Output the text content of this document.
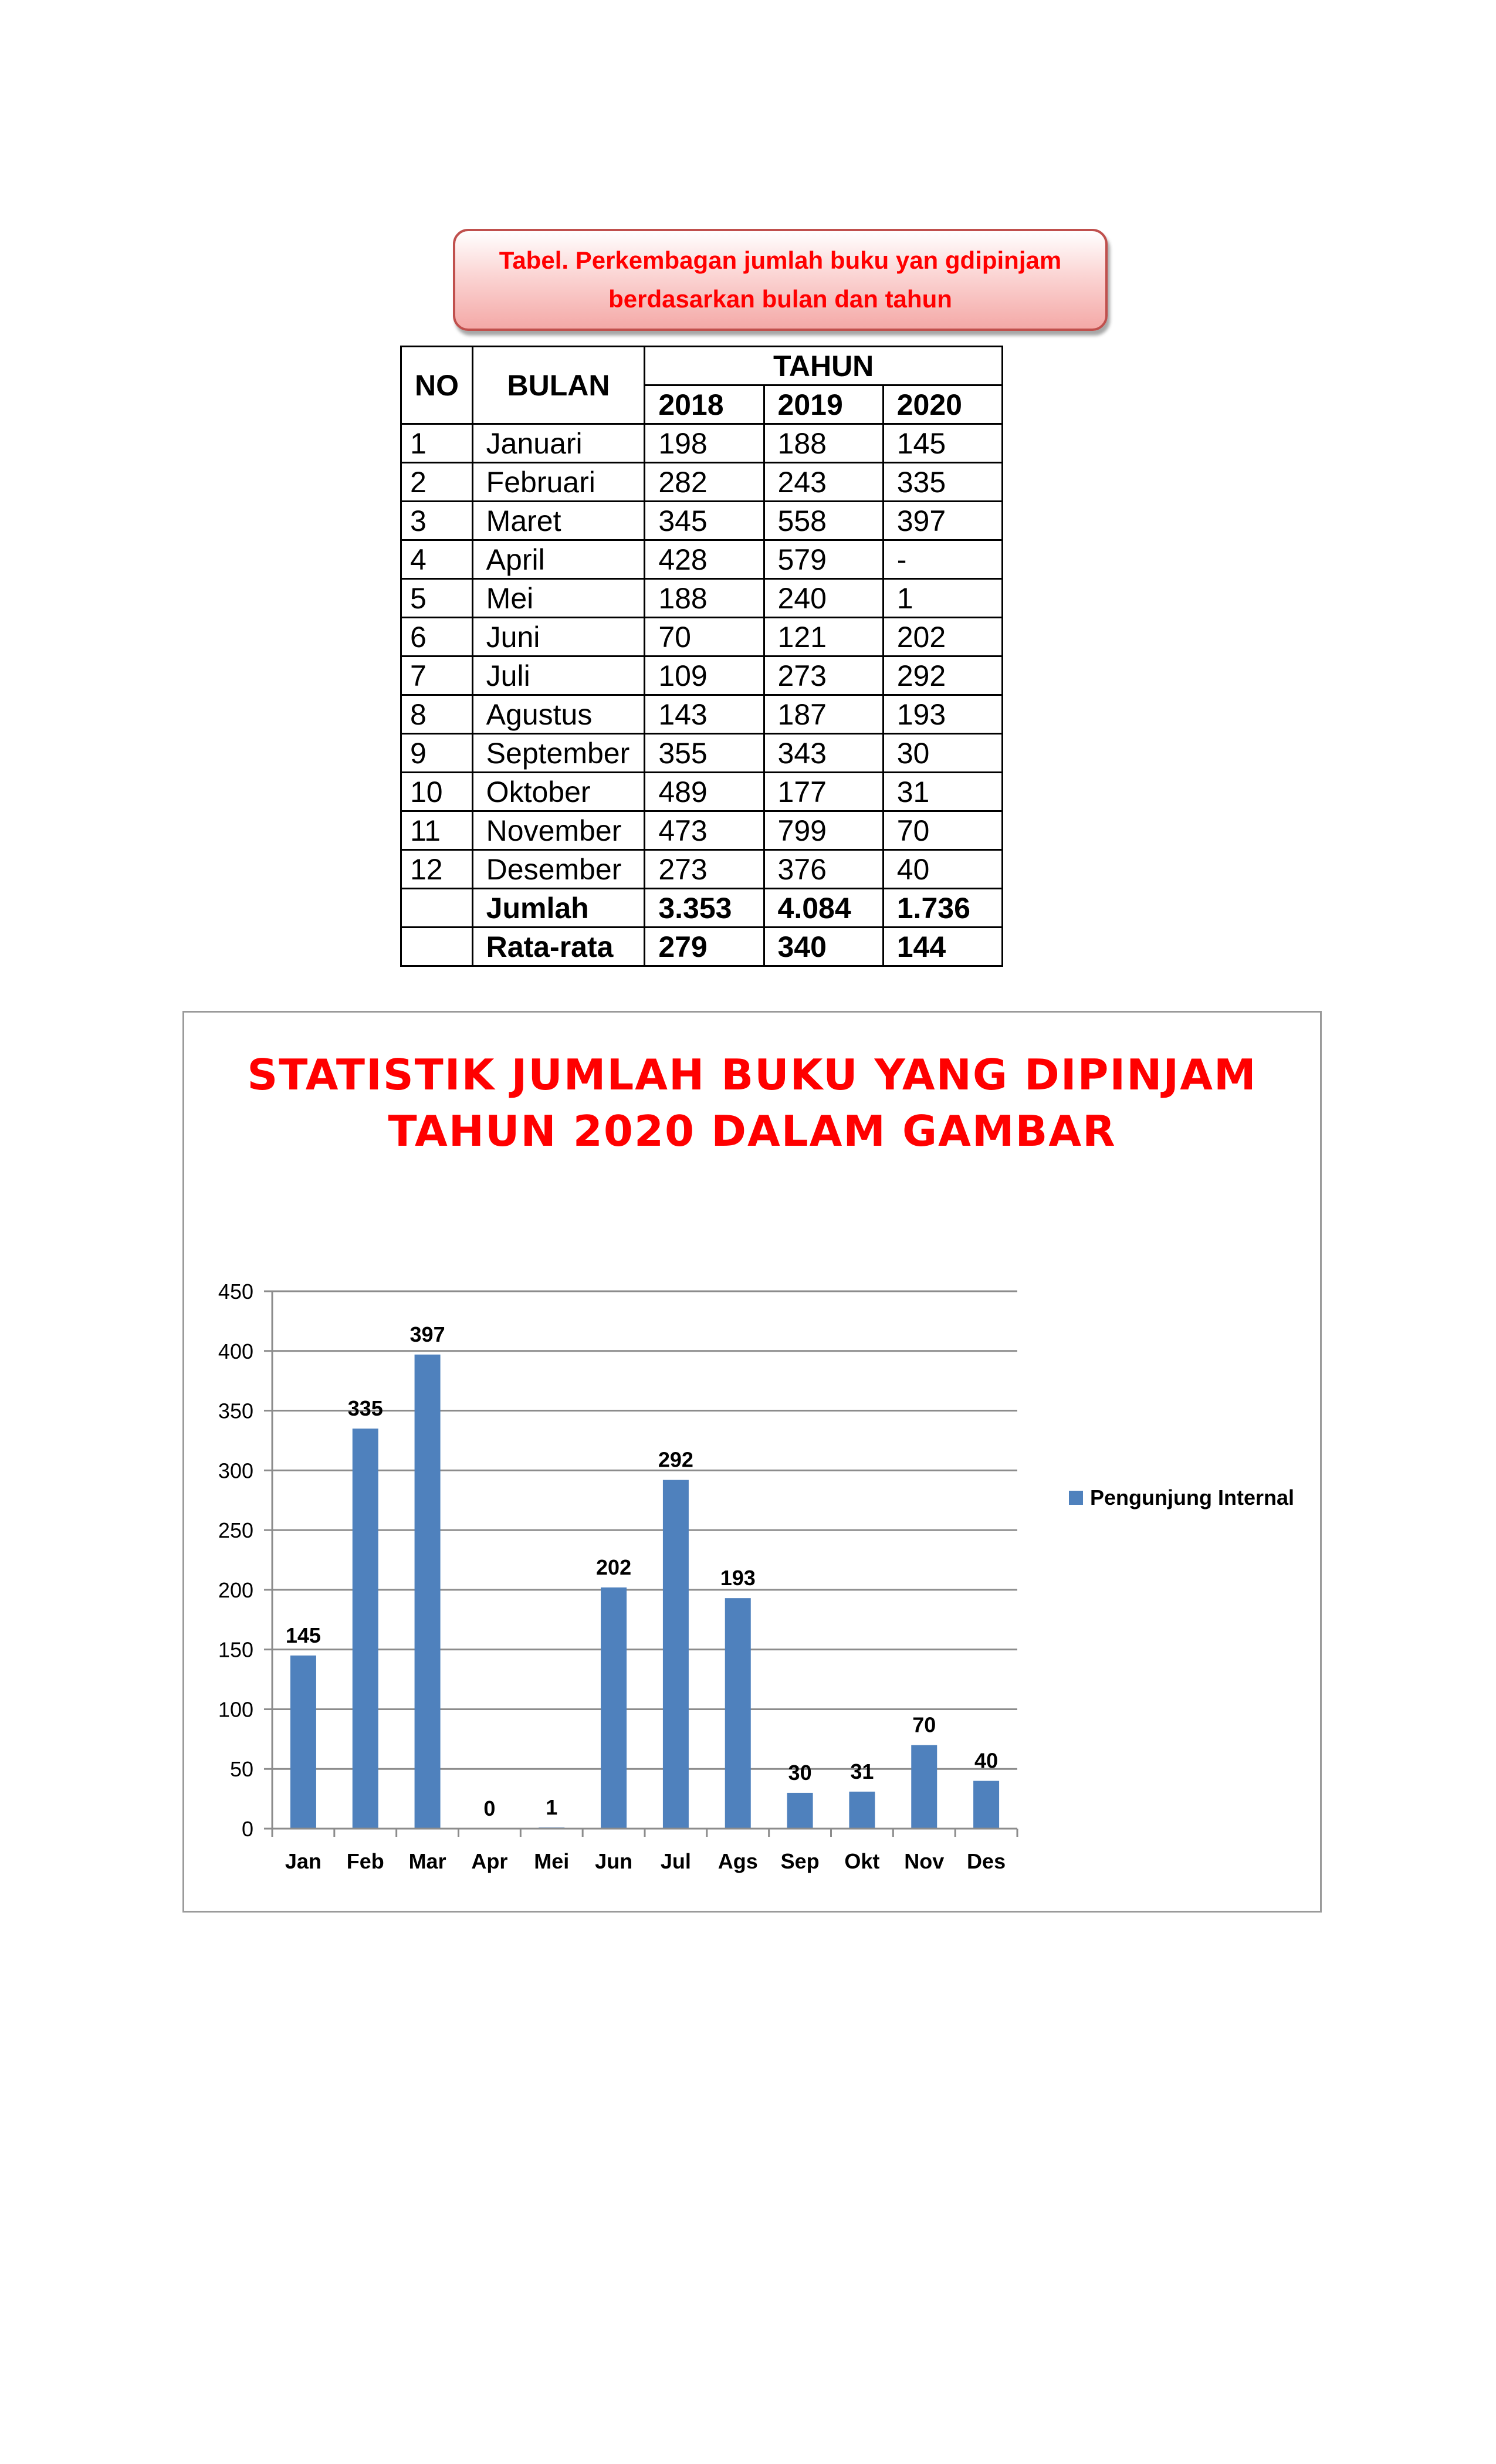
Tabel. Perkembagan jumlah buku yan gdipinjam
berdasarkan bulan dan tahun
NO	BULAN	TAHUN		
		2018	2019	2020
1	Januari	198	188	145
2	Februari	282	243	335
3	Maret	345	558	397
4	April	428	579	-
5	Mei	188	240	1
6	Juni	70	121	202
7	Juli	109	273	292
8	Agustus	143	187	193
9	September	355	343	30
10	Oktober	489	177	31
11	November	473	799	70
12	Desember	273	376	40
	Jumlah	3.353	4.084	1.736
	Rata-rata	279	340	144
STATISTIK JUMLAH BUKU YANG DIPINJAM
TAHUN 2020 DALAM GAMBAR
0
50
100
150
200
250
300
350
400
450
145
Jan
335
Feb
397
Mar
0
Apr
1
Mei
202
Jun
292
Jul
193
Ags
30
Sep
31
Okt
70
Nov
40
Des
Pengunjung Internal
